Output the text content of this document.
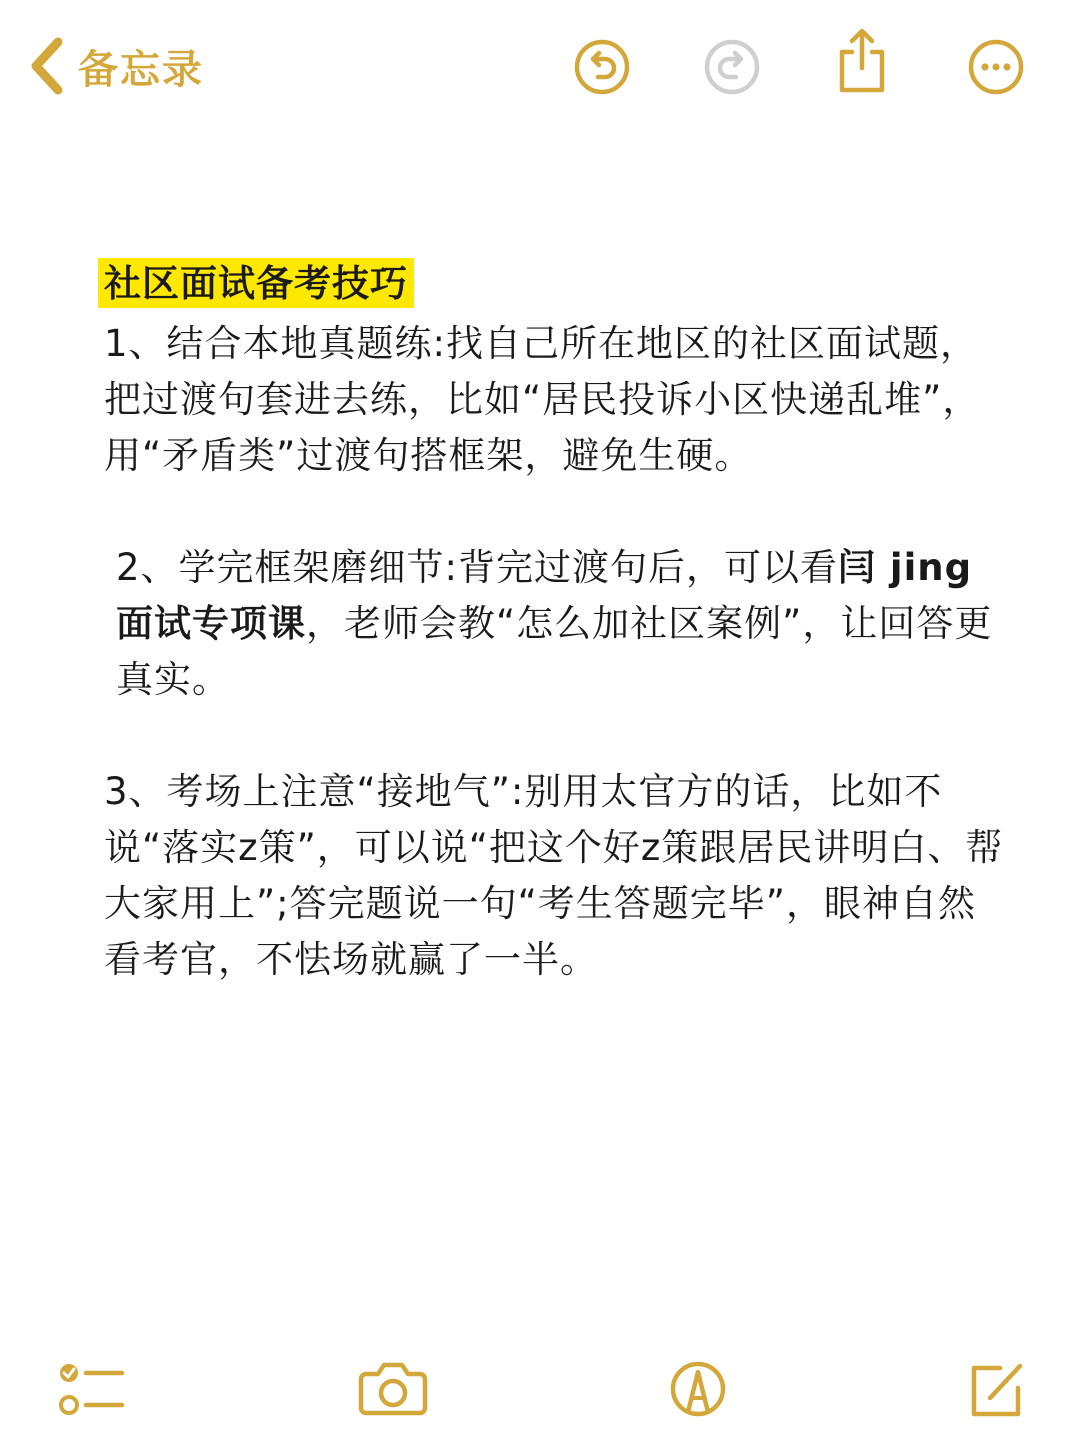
备忘录
社区面试备考技巧

1、结合本地真题练:找自己所在地区的社区面试题，把过渡句套进去练，比如“居民投诉小区快递乱堆”，用“矛盾类”过渡句搭框架，避免生硬。

2、学完框架磨细节:背完过渡句后，可以看闫 jing 面试专项课，老师会教“怎么加社区案例”，让回答更真实。

3、考场上注意“接地气”:别用太官方的话，比如不说“落实z策”，可以说“把这个好z策跟居民讲明白、帮大家用上”;答完题说一句“考生答题完毕”，眼神自然看考官，不怯场就赢了一半。
